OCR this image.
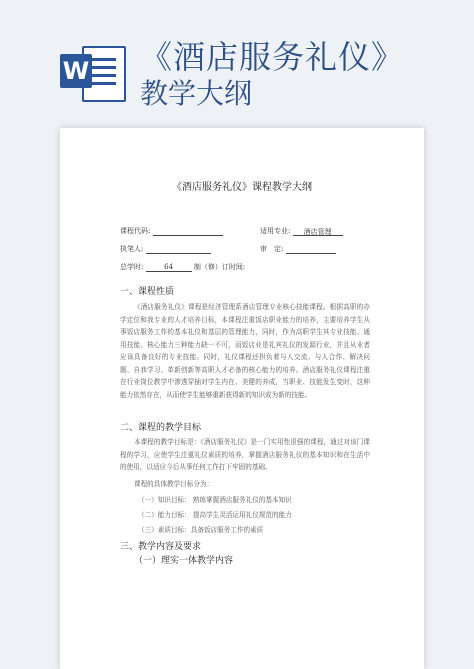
W 《酒店服务礼仪》
教学大纲
《酒店服务礼仪》课程教学大纲
课程代码:	适用专业: 酒店管理
执笔人:	审　定:
总学时:	64	制（修）订时间:
一、课程性质
《酒店服务礼仪》课程是经济管理系酒店管理专业核心技能课程。根据高职的办学定位和我专业的人才培养目标，本课程注重饭店职业能力的培养，主要培养学生从事饭店服务工作的基本礼仪和基层的管理能力，同时，作为高职学生其专业技能、通用技能、核心能力三种能力缺一不可，而饭店业是礼宾礼仪的发源行业，并且从业者应该具备良好的专业技能。同时，礼仪课程还担负着与人交流、与人合作、解决问题、自我学习、革新创新等高职人才必备的核心能力的培养。酒店服务礼仪课程注重在行业岗位教学中渗透穿插对学生内在、美健的养成，当职业、技能发生变时，这种能力依然存在，从而使学生能够重新获得新的知识或为新的技能。
二、课程的教学目标
本课程的教学目标是：《酒店服务礼仪》是一门实用性很强的课程，通过对该门课程的学习，应使学生注重礼仪素质的培养，掌握酒店服务礼仪的基本知识和在生活中的使用，以适应今后从事任何工作打下牢固的基础。
课程的具体教学目标分为：
（一）知识目标： 熟练掌握酒店服务礼仪的基本知识
（二）能力目标： 提高学生灵活运用礼仪规范的能力
（三）素质目标：具备饭店服务工作的素质
三、教学内容及要求
（一）理实一体教学内容
